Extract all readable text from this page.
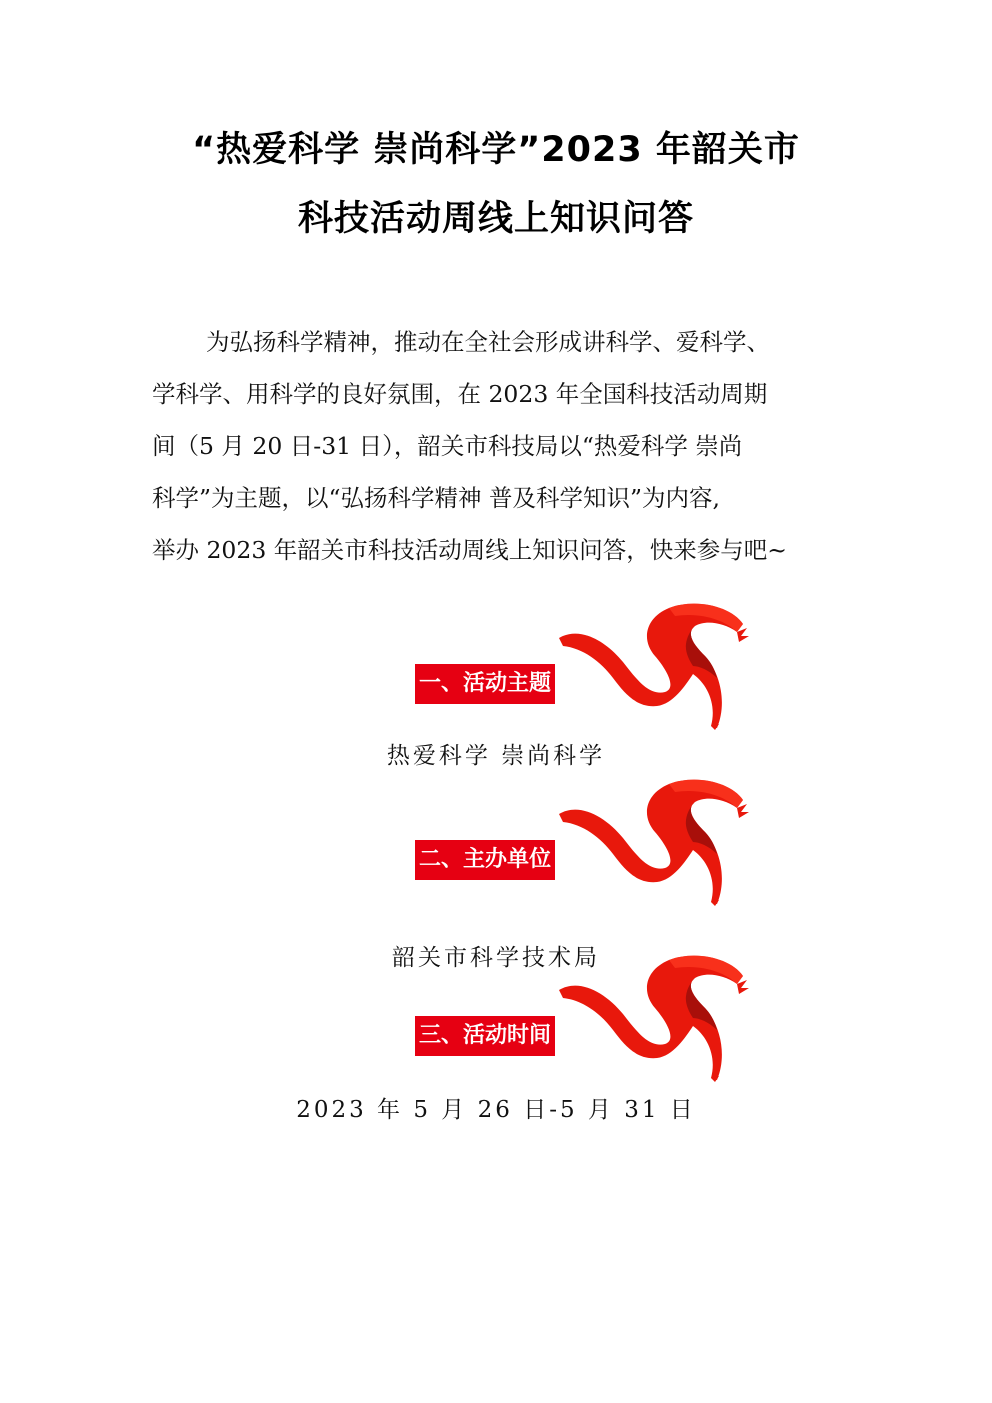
“热爱科学 崇尚科学”2023 年韶关市
科技活动周线上知识问答
为弘扬科学精神，推动在全社会形成讲科学、爱科学、
学科学、用科学的良好氛围，在 2023 年全国科技活动周期
间（5 月 20 日-31 日），韶关市科技局以“热爱科学 崇尚
科学”为主题，以“弘扬科学精神 普及科学知识”为内容,
举办 2023 年韶关市科技活动周线上知识问答，快来参与吧~
一、活动主题
热爱科学 崇尚科学
二、主办单位
韶关市科学技术局
三、活动时间
2023 年 5 月 26 日-5 月 31 日
